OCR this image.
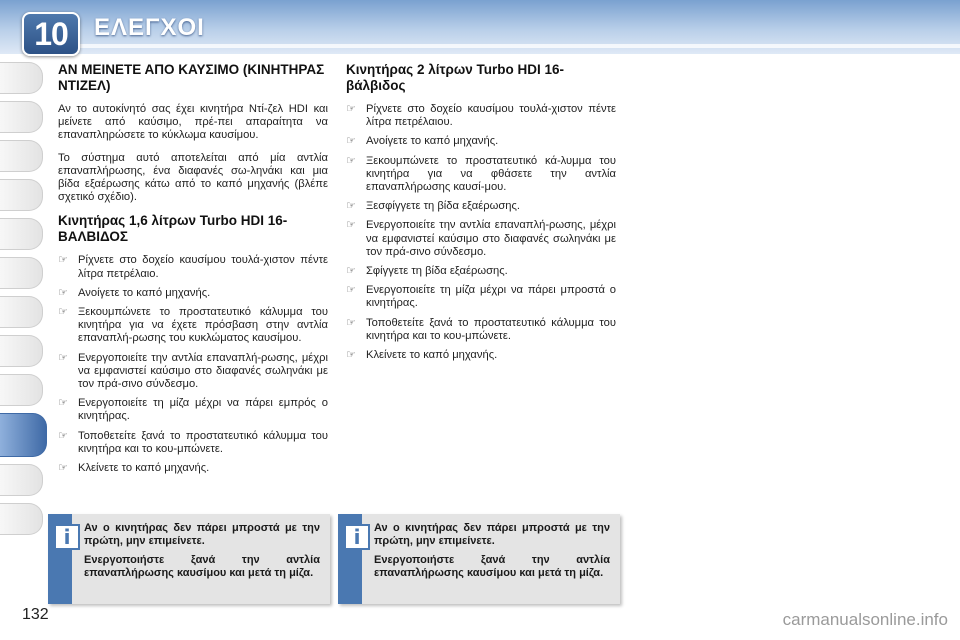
10	ΕΛΕΓΧΟΙ
ΑΝ ΜΕΙΝΕΤΕ ΑΠΟ ΚΑΥΣΙΜΟ (ΚΙΝΗΤΗΡΑΣ ΝΤΙΖΕΛ)

Αν το αυτοκίνητό σας έχει κινητήρα Ντί-ζελ HDI και μείνετε από καύσιμο, πρέ-πει απαραίτητα να επαναπληρώσετε το κύκλωμα καυσίμου.

Το σύστημα αυτό αποτελείται από μία αντλία επαναπλήρωσης, ένα διαφανές σω-ληνάκι και μια βίδα εξαέρωσης κάτω από το καπό μηχανής (βλέπε σχετικό σχέδιο).

Κινητήρας 1,6 λίτρων Turbo HDI 16-ΒΑΛΒΙΔΟΣ
☞ Ρίχνετε στο δοχείο καυσίμου τουλά-χιστον πέντε λίτρα πετρέλαιο.
☞ Ανοίγετε το καπό μηχανής.
☞ Ξεκουμπώνετε το προστατευτικό κάλυμμα του κινητήρα για να έχετε πρόσβαση στην αντλία επαναπλή-ρωσης του κυκλώματος καυσίμου.
☞ Ενεργοποιείτε την αντλία επαναπλή-ρωσης, μέχρι να εμφανιστεί καύσιμο στο διαφανές σωληνάκι με τον πρά-σινο σύνδεσμο.
☞ Ενεργοποιείτε τη μίζα μέχρι να πάρει εμπρός ο κινητήρας.
☞ Τοποθετείτε ξανά το προστατευτικό κάλυμμα του κινητήρα και το κου-μπώνετε.
☞ Κλείνετε το καπό μηχανής.
Κινητήρας 2 λίτρων Turbo HDI 16-βάλβιδος
☞ Ρίχνετε στο δοχείο καυσίμου τουλά-χιστον πέντε λίτρα πετρέλαιου.
☞ Ανοίγετε το καπό μηχανής.
☞ Ξεκουμπώνετε το προστατευτικό κά-λυμμα του κινητήρα για να φθάσετε την αντλία επαναπλήρωσης καυσί-μου.
☞ Ξεσφίγγετε τη βίδα εξαέρωσης.
☞ Ενεργοποιείτε την αντλία επαναπλή-ρωσης, μέχρι να εμφανιστεί καύσιμο στο διαφανές σωληνάκι με τον πρά-σινο σύνδεσμο.
☞ Σφίγγετε τη βίδα εξαέρωσης.
☞ Ενεργοποιείτε τη μίζα μέχρι να πάρει μπροστά ο κινητήρας.
☞ Τοποθετείτε ξανά το προστατευτικό κάλυμμα του κινητήρα και το κου-μπώνετε.
☞ Κλείνετε το καπό μηχανής.
i	Αν ο κινητήρας δεν πάρει μπροστά με την πρώτη, μην επιμείνετε.

Ενεργοποιήστε ξανά την αντλία επαναπλήρωσης καυσίμου και μετά τη μίζα.

i	Αν ο κινητήρας δεν πάρει μπροστά με την πρώτη, μην επιμείνετε.

Ενεργοποιήστε ξανά την αντλία επαναπλήρωσης καυσίμου και μετά τη μίζα.

132	carmanualsonline.info
